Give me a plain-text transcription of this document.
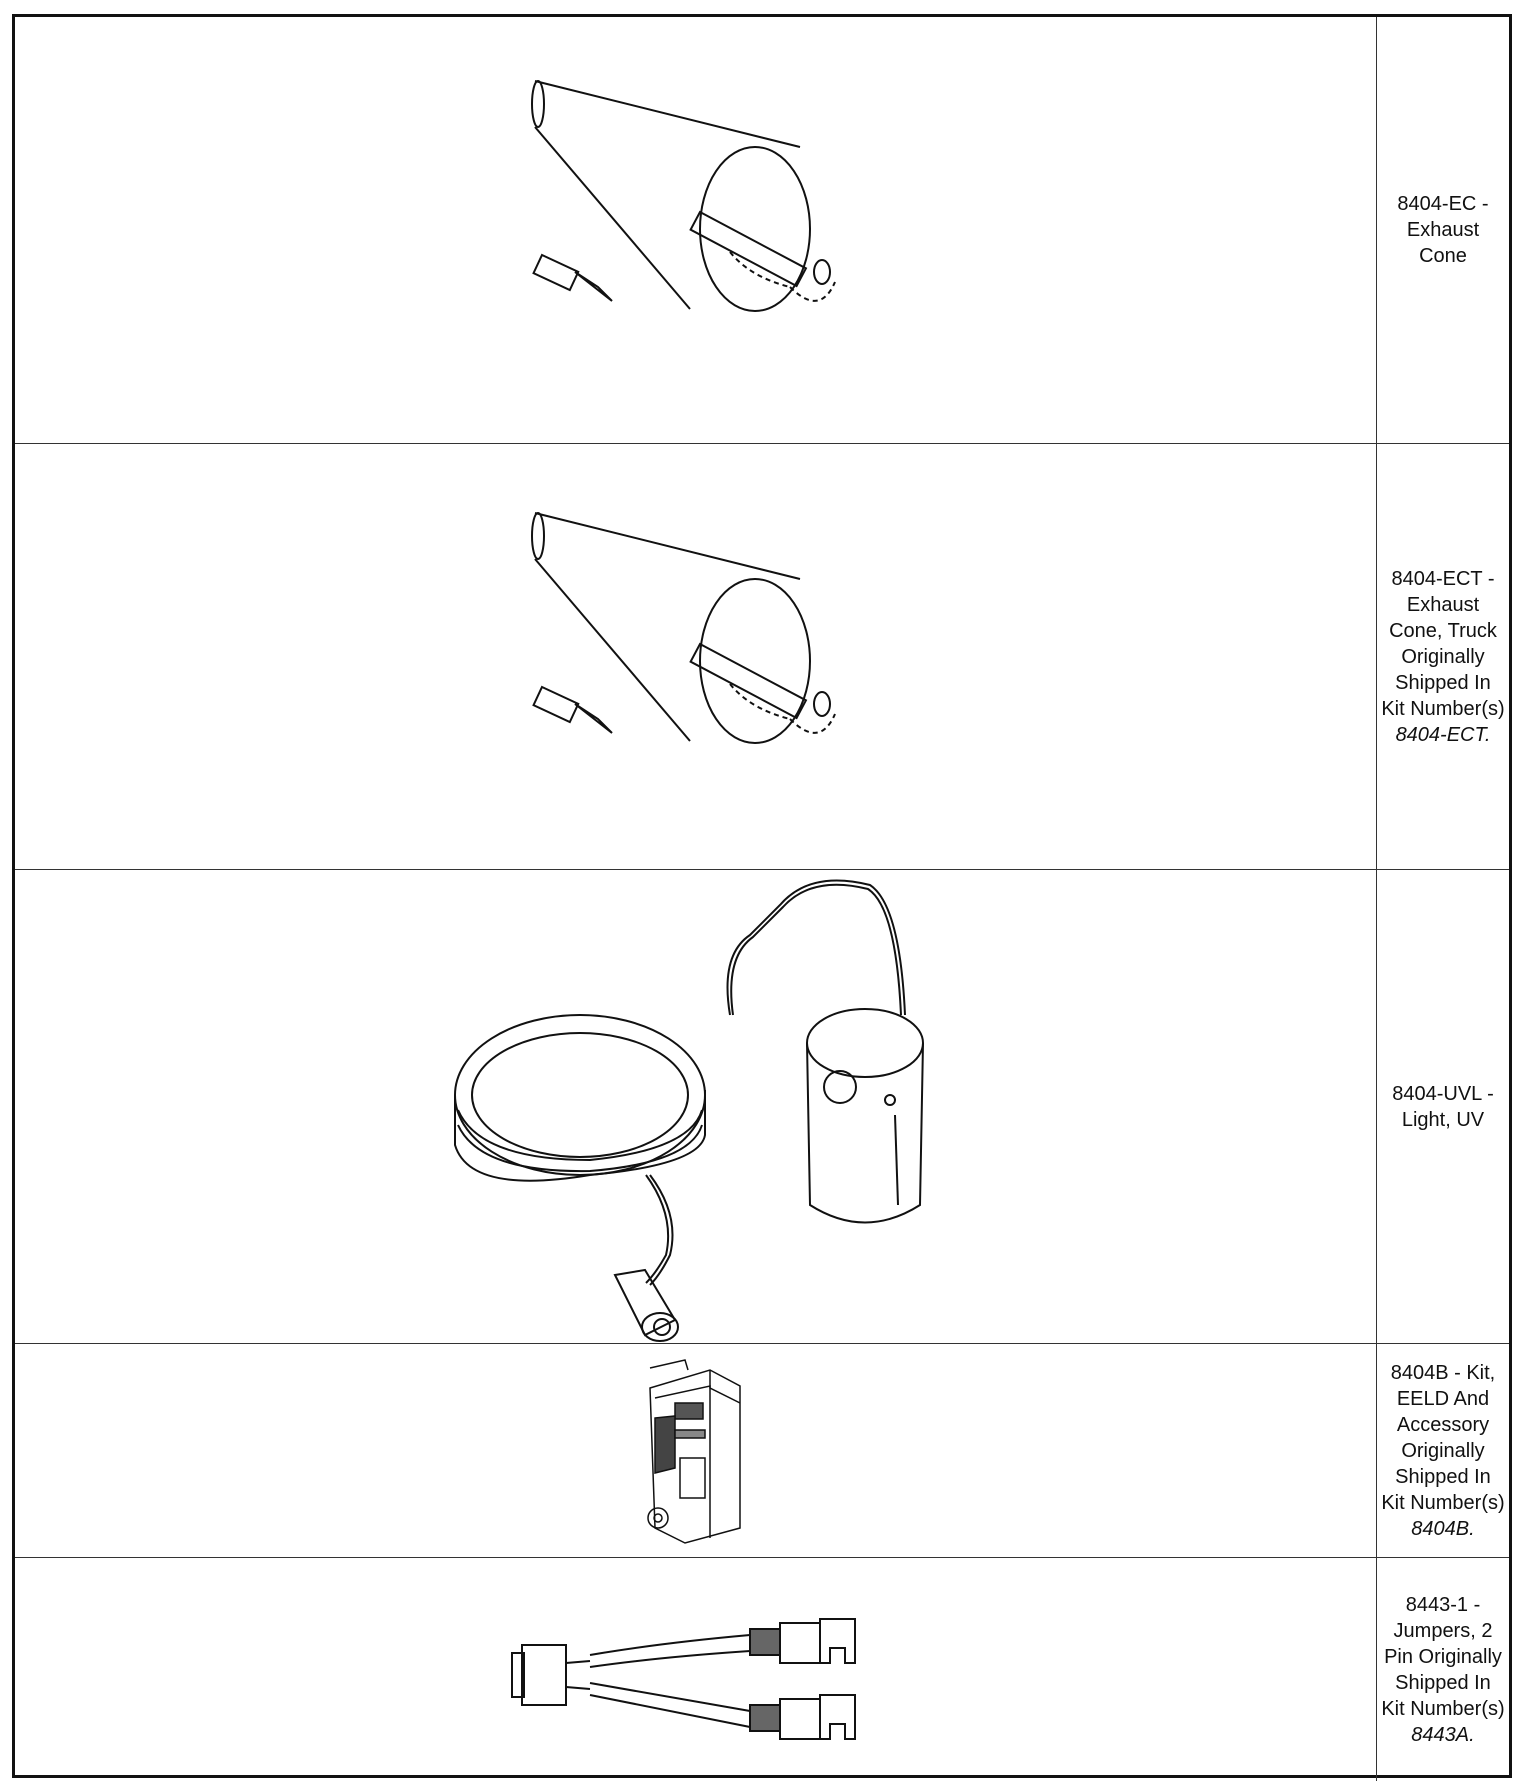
8404-EC - Exhaust Cone
8404-ECT - Exhaust Cone, Truck Originally Shipped In Kit Number(s) 8404-ECT.
8404-UVL - Light, UV
8404B - Kit, EELD And Accessory Originally Shipped In Kit Number(s) 8404B.
8443-1 - Jumpers, 2 Pin Originally Shipped In Kit Number(s) 8443A.
